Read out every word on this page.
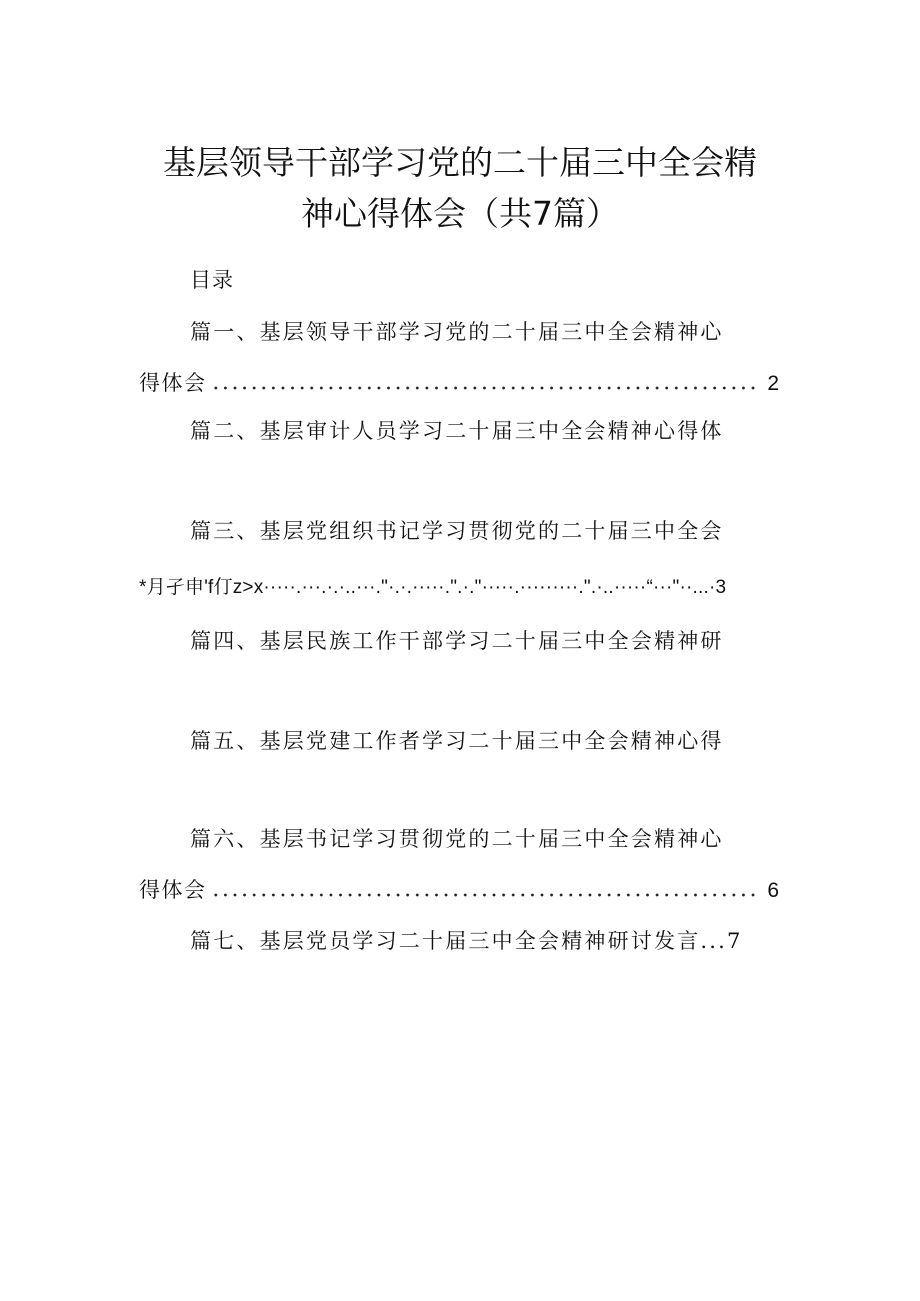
基层领导干部学习党的二十届三中全会精
神心得体会（共7篇）
目录
篇一、基层领导干部学习党的二十届三中全会精神心
得体会	2
篇二、基层审计人员学习二十届三中全会精神心得体
篇三、基层党组织书记学习贯彻党的二十届三中全会
*月孑申'f仃z>x·····.···.·.·..···."·.·.·····.".·."·····.·········.".·..·····“···"··...·3
篇四、基层民族工作干部学习二十届三中全会精神研
篇五、基层党建工作者学习二十届三中全会精神心得
篇六、基层书记学习贯彻党的二十届三中全会精神心
得体会	6
篇七、基层党员学习二十届三中全会精神研讨发言...7
